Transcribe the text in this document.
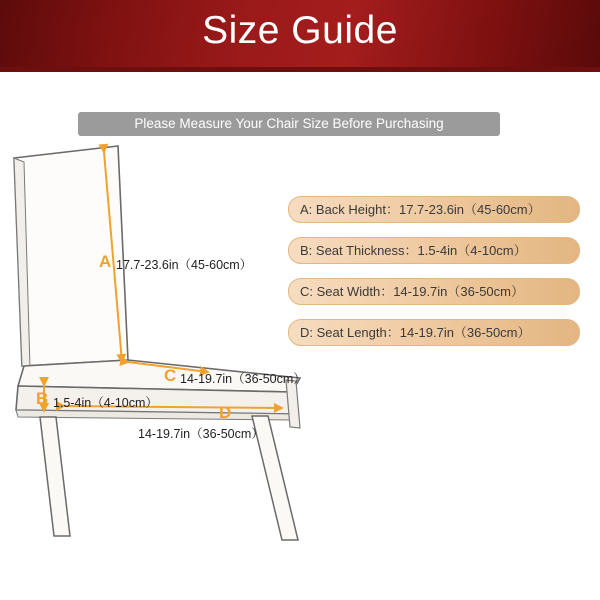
Size Guide
Please Measure Your Chair Size Before Purchasing
A 17.7-23.6in（45-60cm）
B 1.5-4in（4-10cm）
C 14-19.7in（36-50cm）
D
14-19.7in（36-50cm）
A: Back Height：17.7-23.6in（45-60cm）
B: Seat Thickness：1.5-4in（4-10cm）
C: Seat Width：14-19.7in（36-50cm）
D: Seat Length：14-19.7in（36-50cm）
